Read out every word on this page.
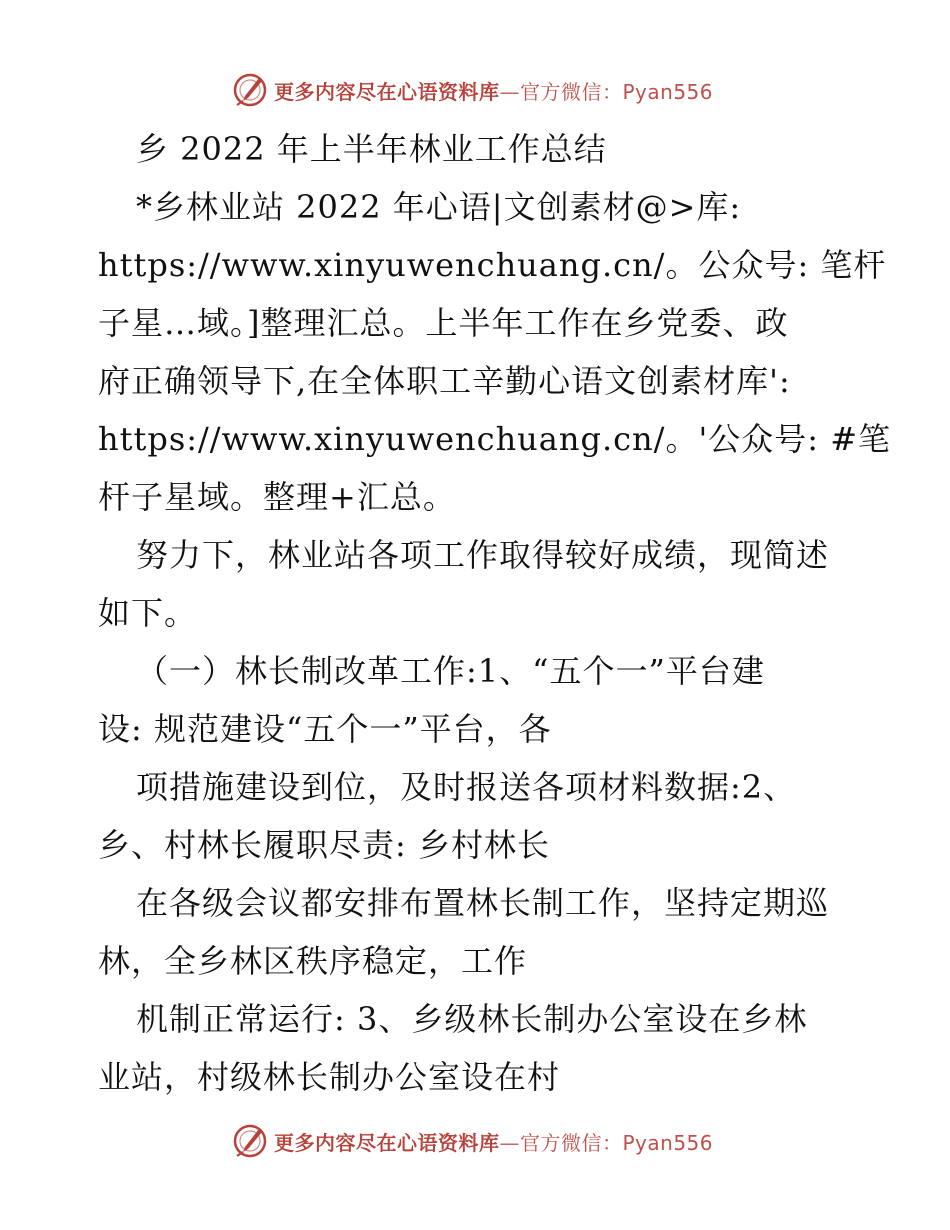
更多内容尽在心语资料库—官方微信：Pyan556
乡 2022 年上半年林业工作总结
*乡林业站 2022 年心语|文创素材@>库:
https://www.xinyuwenchuang.cn/。公众号: 笔杆
子星…域。]整理汇总。上半年工作在乡党委、政
府正确领导下,在全体职工辛勤心语文创素材库':
https://www.xinyuwenchuang.cn/。'公众号: #笔
杆子星域。整理+汇总。
努力下，林业站各项工作取得较好成绩，现简述
如下。
（一）林长制改革工作:1、“五个一”平台建
设: 规范建设“五个一”平台，各
项措施建设到位，及时报送各项材料数据:2、
乡、村林长履职尽责: 乡村林长
在各级会议都安排布置林长制工作，坚持定期巡
林，全乡林区秩序稳定，工作
机制正常运行: 3、乡级林长制办公室设在乡林
业站，村级林长制办公室设在村
更多内容尽在心语资料库—官方微信：Pyan556
